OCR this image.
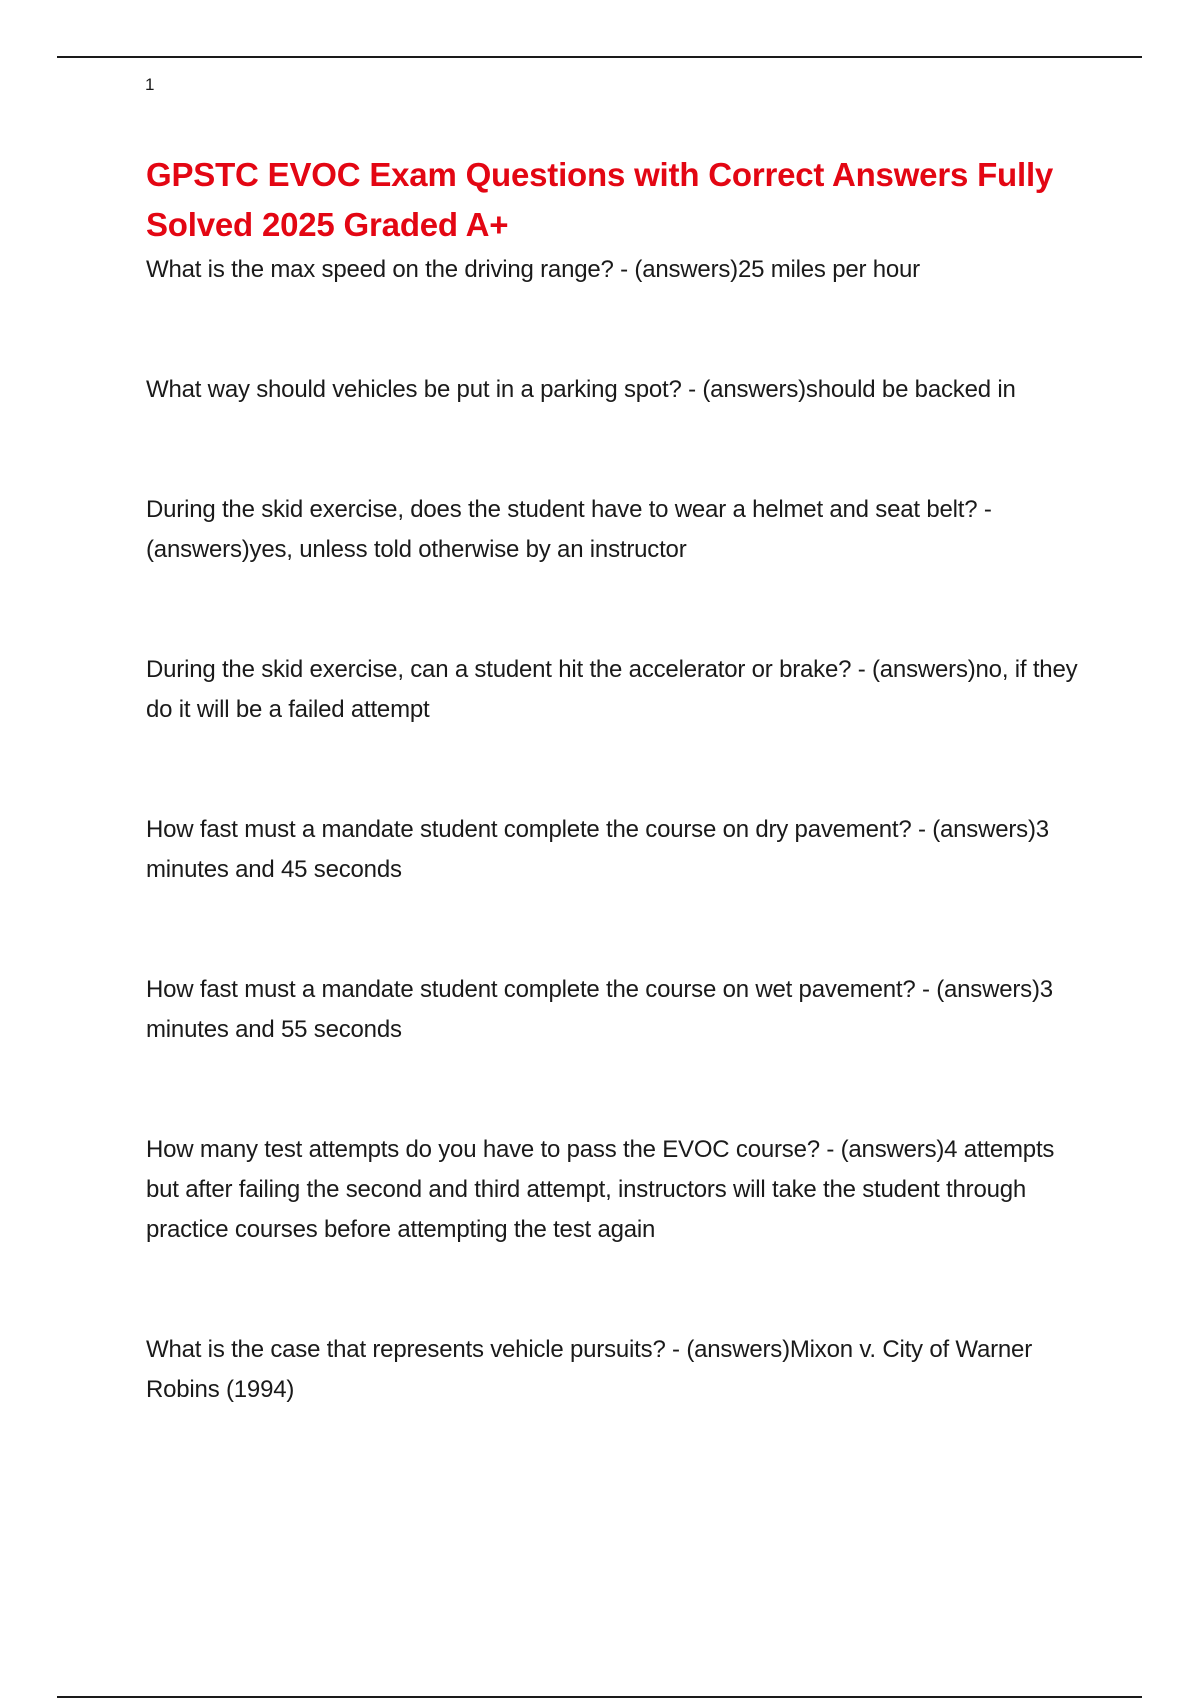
1
GPSTC EVOC Exam Questions with Correct Answers Fully Solved 2025 Graded A+
What is the max speed on the driving range? - (answers)25 miles per hour
What way should vehicles be put in a parking spot? - (answers)should be backed in
During the skid exercise, does the student have to wear a helmet and seat belt? - (answers)yes, unless told otherwise by an instructor
During the skid exercise, can a student hit the accelerator or brake? - (answers)no, if they do it will be a failed attempt
How fast must a mandate student complete the course on dry pavement? - (answers)3 minutes and 45 seconds
How fast must a mandate student complete the course on wet pavement? - (answers)3 minutes and 55 seconds
How many test attempts do you have to pass the EVOC course? - (answers)4 attempts but after failing the second and third attempt, instructors will take the student through practice courses before attempting the test again
What is the case that represents vehicle pursuits? - (answers)Mixon v. City of Warner Robins (1994)
